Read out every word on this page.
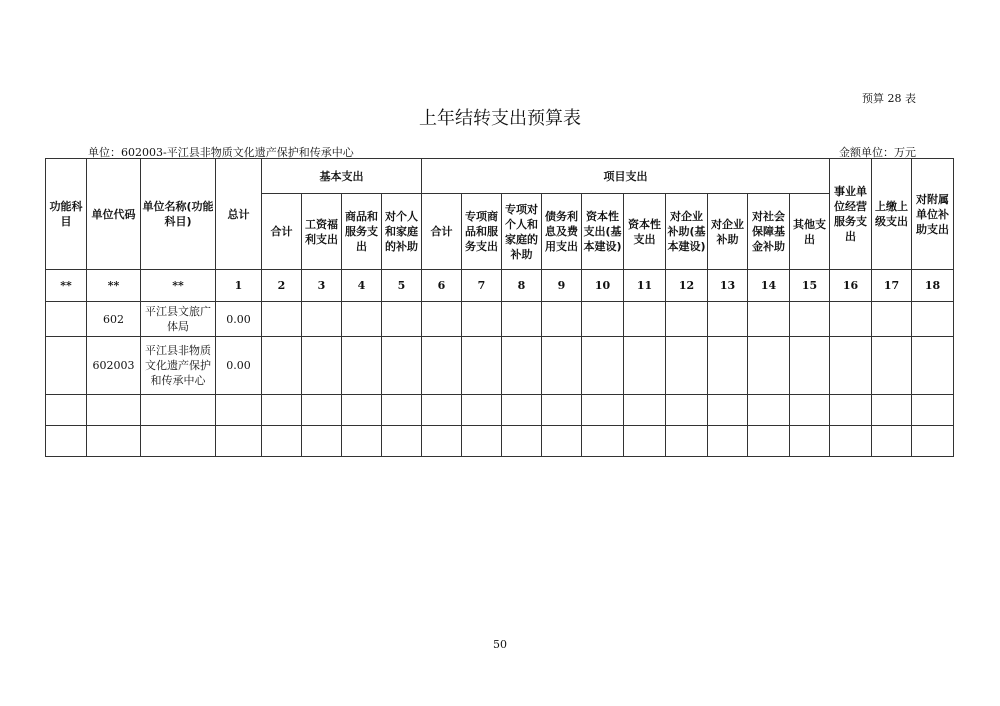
预算 28 表
上年结转支出预算表
单位：602003-平江县非物质文化遗产保护和传承中心	金额单位：万元
功能科目	单位代码	单位名称(功能科目)	总计	基本支出				项目支出										事业单位经营服务支出	上缴上级支出	对附属单位补助支出
				合计	工资福利支出	商品和服务支出	对个人和家庭的补助	合计	专项商品和服务支出	专项对个人和家庭的补助	债务利息及费用支出	资本性支出(基本建设)	资本性支出	对企业补助(基本建设)	对企业补助	对社会保障基金补助	其他支出			
**	**	**	1	2	3	4	5	6	7	8	9	10	11	12	13	14	15	16	17	18
	602	平江县文旅广体局	0.00																	
	602003	平江县非物质文化遗产保护和传承中心	0.00																	

50
